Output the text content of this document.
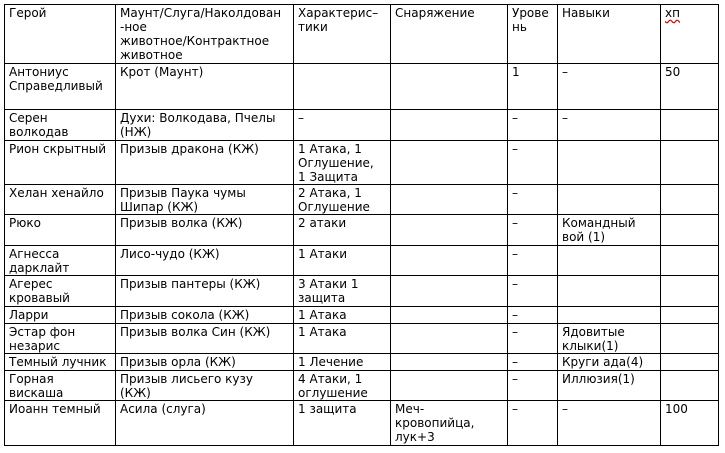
Герой	Маунт/Слуга/Наколдован
-ное
животное/Контрактное
животное	Характерис–
тики	Снаряжение	Урове
нь	Навыки	хп
Антониус
Справедливый	Крот (Маунт)			1	–	50
Серен
волкодав	Духи: Волкодава, Пчелы
(НЖ)	–		–	–	
Рион скрытный	Призыв дракона (КЖ)	1 Атака, 1
Оглушение,
1 Защита		–		
Хелан хенайло	Призыв Паука чумы
Шипар (КЖ)	2 Атака, 1
Оглушение		–		
Рюко	Призыв волка (КЖ)	2 атаки		–	Командный
вой (1)	
Агнесса
дарклайт	Лисо-чудо (КЖ)	1 Атаки		–		
Агерес
кровавый	Призыв пантеры (КЖ)	3 Атаки 1
защита		–		
Ларри	Призыв сокола (КЖ)	1 Атака		–		
Эстар фон
незарис	Призыв волка Син (КЖ)	1 Атака		–	Ядовитые
клыки(1)	
Темный лучник	Призыв орла (КЖ)	1 Лечение		–	Круги ада(4)	
Горная
вискаша	Призыв лисьего кузу
(КЖ)	4 Атаки, 1
оглушение		–	Иллюзия(1)	
Иоанн темный	Асила (слуга)	1 защита	Меч-
кровопийца,
лук+3	–	–	100
